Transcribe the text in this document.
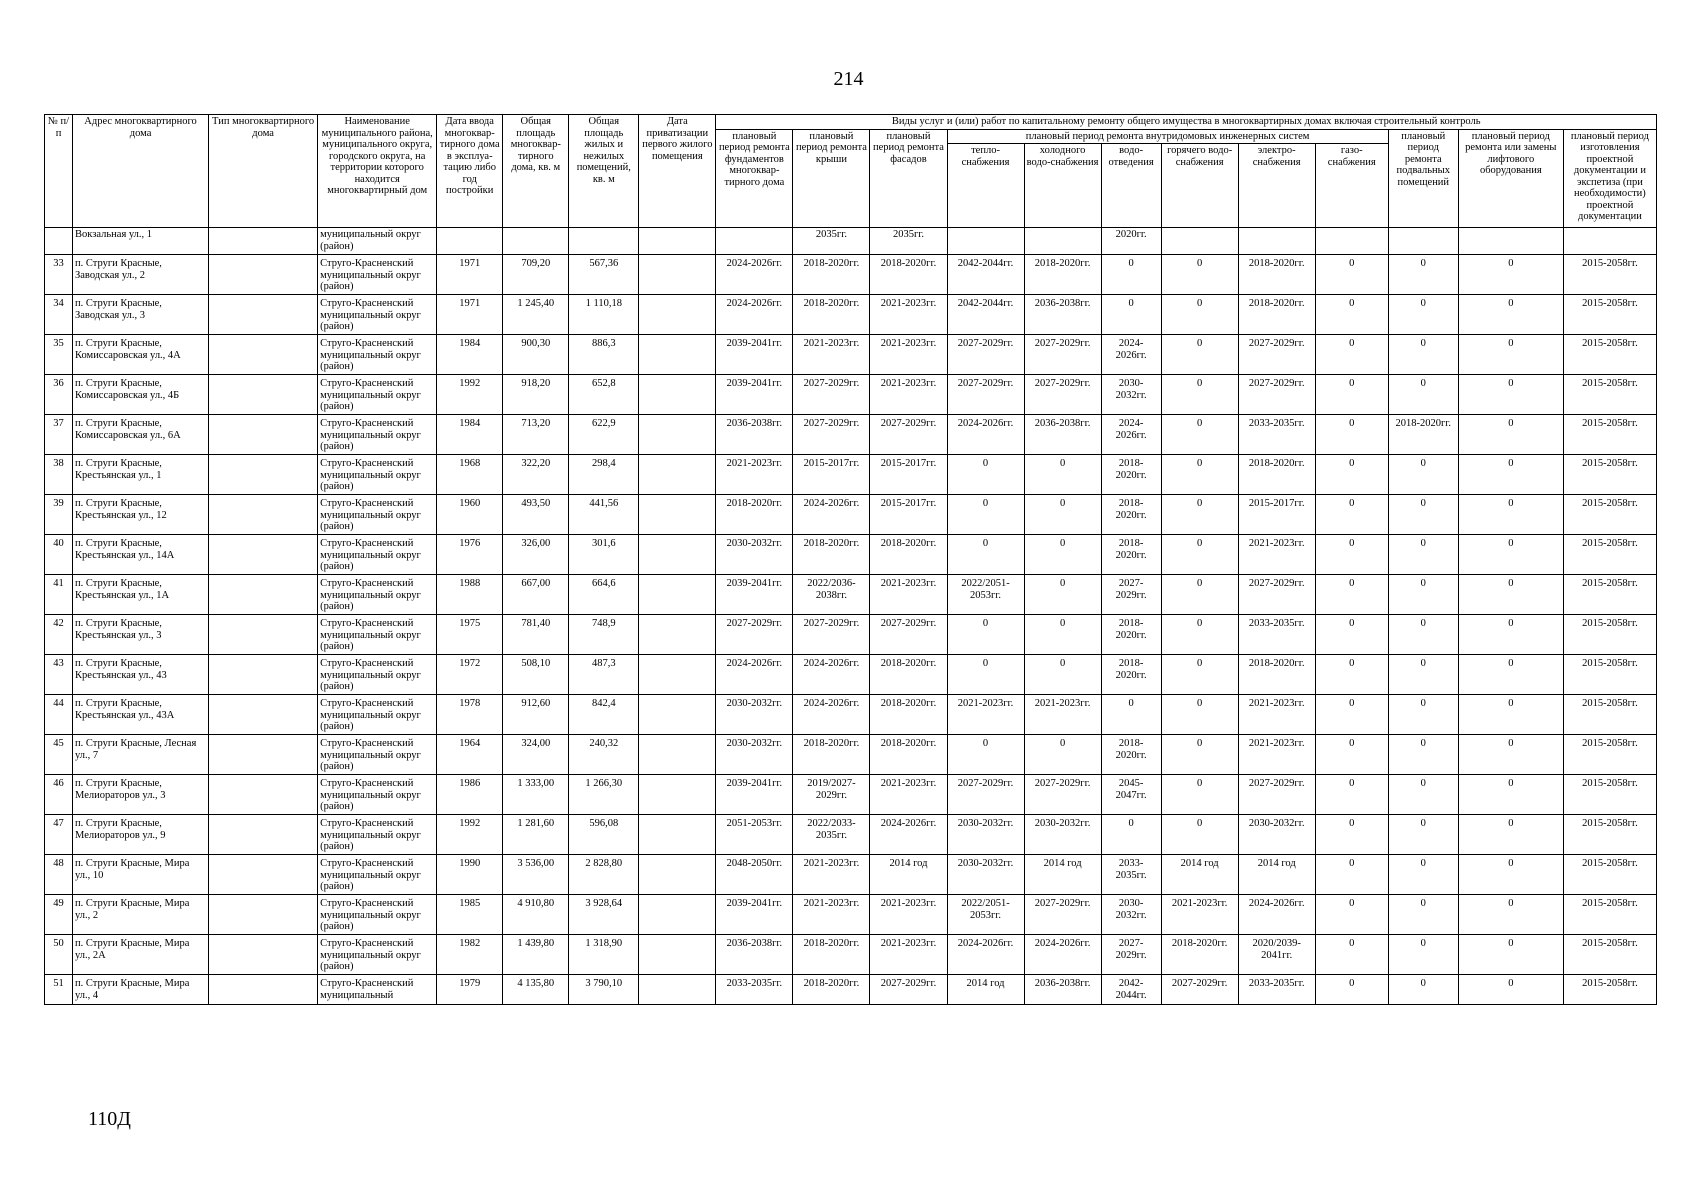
214
№ п/п	Адрес многоквартирного дома	Тип многоквартирного дома	Наименование муниципального района, муниципального округа, городского округа, на территории которого находится многоквартирный дом	Дата ввода многоквар-тирного дома в эксплуа-тацию либо год постройки	Общая площадь многоквар-тирного дома, кв. м	Общая площадь жилых и нежилых помещений, кв. м	Дата приватизации первого жилого помещения	Виды услуг и (или) работ по капитальному ремонту общего имущества в многоквартирных домах включая строительный контроль											
								плановый период ремонта фундаментов многоквар-тирного дома	плановый период ремонта крыши	плановый период ремонта фасадов	плановый период ремонта внутридомовых инженерных систем						плановый период ремонта подвальных помещений	плановый период ремонта или замены лифтового оборудования	плановый период изготовления проектной документации и экспетиза (при необходимости) проектной документации
											тепло-снабжения	холодного водо-снабжения	водо-отведения	горячего водо-снабжения	электро-снабжения	газо-снабжения			
	Вокзальная ул., 1		муниципальный округ (район)						2035гг.	2035гг.			2020гг.						
33	п. Струги Красные, Заводская ул., 2		Струго-Красненский муниципальный округ (район)	1971	709,20	567,36		2024-2026гг.	2018-2020гг.	2018-2020гг.	2042-2044гг.	2018-2020гг.	0	0	2018-2020гг.	0	0	0	2015-2058гг.
34	п. Струги Красные, Заводская ул., 3		Струго-Красненский муниципальный округ (район)	1971	1 245,40	1 110,18		2024-2026гг.	2018-2020гг.	2021-2023гг.	2042-2044гг.	2036-2038гг.	0	0	2018-2020гг.	0	0	0	2015-2058гг.
35	п. Струги Красные, Комиссаровская ул., 4А		Струго-Красненский муниципальный округ (район)	1984	900,30	886,3		2039-2041гг.	2021-2023гг.	2021-2023гг.	2027-2029гг.	2027-2029гг.	2024-2026гг.	0	2027-2029гг.	0	0	0	2015-2058гг.
36	п. Струги Красные, Комиссаровская ул., 4Б		Струго-Красненский муниципальный округ (район)	1992	918,20	652,8		2039-2041гг.	2027-2029гг.	2021-2023гг.	2027-2029гг.	2027-2029гг.	2030-2032гг.	0	2027-2029гг.	0	0	0	2015-2058гг.
37	п. Струги Красные, Комиссаровская ул., 6А		Струго-Красненский муниципальный округ (район)	1984	713,20	622,9		2036-2038гг.	2027-2029гг.	2027-2029гг.	2024-2026гг.	2036-2038гг.	2024-2026гг.	0	2033-2035гг.	0	2018-2020гг.	0	2015-2058гг.
38	п. Струги Красные, Крестьянская ул., 1		Струго-Красненский муниципальный округ (район)	1968	322,20	298,4		2021-2023гг.	2015-2017гг.	2015-2017гг.	0	0	2018-2020гг.	0	2018-2020гг.	0	0	0	2015-2058гг.
39	п. Струги Красные, Крестьянская ул., 12		Струго-Красненский муниципальный округ (район)	1960	493,50	441,56		2018-2020гг.	2024-2026гг.	2015-2017гг.	0	0	2018-2020гг.	0	2015-2017гг.	0	0	0	2015-2058гг.
40	п. Струги Красные, Крестьянская ул., 14А		Струго-Красненский муниципальный округ (район)	1976	326,00	301,6		2030-2032гг.	2018-2020гг.	2018-2020гг.	0	0	2018-2020гг.	0	2021-2023гг.	0	0	0	2015-2058гг.
41	п. Струги Красные, Крестьянская ул., 1А		Струго-Красненский муниципальный округ (район)	1988	667,00	664,6		2039-2041гг.	2022/2036-2038гг.	2021-2023гг.	2022/2051-2053гг.	0	2027-2029гг.	0	2027-2029гг.	0	0	0	2015-2058гг.
42	п. Струги Красные, Крестьянская ул., 3		Струго-Красненский муниципальный округ (район)	1975	781,40	748,9		2027-2029гг.	2027-2029гг.	2027-2029гг.	0	0	2018-2020гг.	0	2033-2035гг.	0	0	0	2015-2058гг.
43	п. Струги Красные, Крестьянская ул., 43		Струго-Красненский муниципальный округ (район)	1972	508,10	487,3		2024-2026гг.	2024-2026гг.	2018-2020гг.	0	0	2018-2020гг.	0	2018-2020гг.	0	0	0	2015-2058гг.
44	п. Струги Красные, Крестьянская ул., 43А		Струго-Красненский муниципальный округ (район)	1978	912,60	842,4		2030-2032гг.	2024-2026гг.	2018-2020гг.	2021-2023гг.	2021-2023гг.	0	0	2021-2023гг.	0	0	0	2015-2058гг.
45	п. Струги Красные, Лесная ул., 7		Струго-Красненский муниципальный округ (район)	1964	324,00	240,32		2030-2032гг.	2018-2020гг.	2018-2020гг.	0	0	2018-2020гг.	0	2021-2023гг.	0	0	0	2015-2058гг.
46	п. Струги Красные, Мелиораторов ул., 3		Струго-Красненский муниципальный округ (район)	1986	1 333,00	1 266,30		2039-2041гг.	2019/2027-2029гг.	2021-2023гг.	2027-2029гг.	2027-2029гг.	2045-2047гг.	0	2027-2029гг.	0	0	0	2015-2058гг.
47	п. Струги Красные, Мелиораторов ул., 9		Струго-Красненский муниципальный округ (район)	1992	1 281,60	596,08		2051-2053гг.	2022/2033-2035гг.	2024-2026гг.	2030-2032гг.	2030-2032гг.	0	0	2030-2032гг.	0	0	0	2015-2058гг.
48	п. Струги Красные, Мира ул., 10		Струго-Красненский муниципальный округ (район)	1990	3 536,00	2 828,80		2048-2050гг.	2021-2023гг.	2014 год	2030-2032гг.	2014 год	2033-2035гг.	2014 год	2014 год	0	0	0	2015-2058гг.
49	п. Струги Красные, Мира ул., 2		Струго-Красненский муниципальный округ (район)	1985	4 910,80	3 928,64		2039-2041гг.	2021-2023гг.	2021-2023гг.	2022/2051-2053гг.	2027-2029гг.	2030-2032гг.	2021-2023гг.	2024-2026гг.	0	0	0	2015-2058гг.
50	п. Струги Красные, Мира ул., 2А		Струго-Красненский муниципальный округ (район)	1982	1 439,80	1 318,90		2036-2038гг.	2018-2020гг.	2021-2023гг.	2024-2026гг.	2024-2026гг.	2027-2029гг.	2018-2020гг.	2020/2039-2041гг.	0	0	0	2015-2058гг.
51	п. Струги Красные, Мира ул., 4		Струго-Красненский муниципальный	1979	4 135,80	3 790,10		2033-2035гг.	2018-2020гг.	2027-2029гг.	2014 год	2036-2038гг.	2042-2044гг.	2027-2029гг.	2033-2035гг.	0	0	0	2015-2058гг.
110Д
